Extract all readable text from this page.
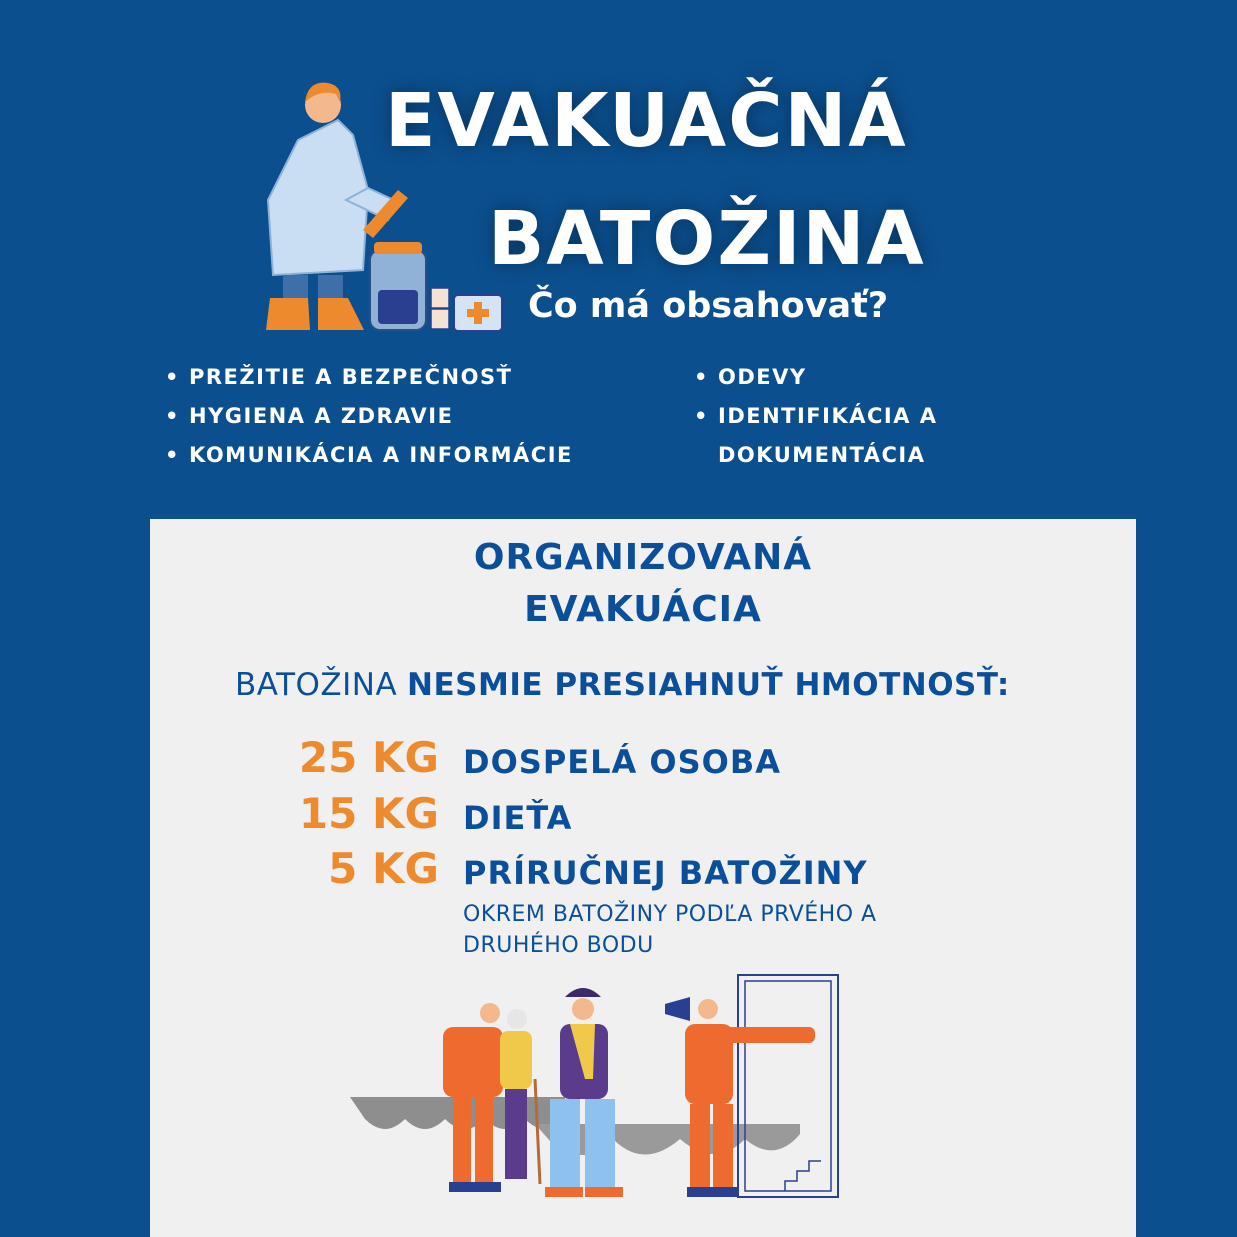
EVAKUAČNÁ
BATOŽINA
Čo má obsahovať?
• PREŽITIE A BEZPEČNOSŤ
• HYGIENA A ZDRAVIE
• KOMUNIKÁCIA A INFORMÁCIE
• ODEVY
• IDENTIFIKÁCIA A
DOKUMENTÁCIA
ORGANIZOVANÁ
EVAKUÁCIA
BATOŽINA NESMIE PRESIAHNUŤ HMOTNOSŤ:
25 KG DOSPELÁ OSOBA
15 KG DIEŤA
5 KG PRÍRUČNEJ BATOŽINY
OKREM BATOŽINY PODĽA PRVÉHO A DRUHÉHO BODU
